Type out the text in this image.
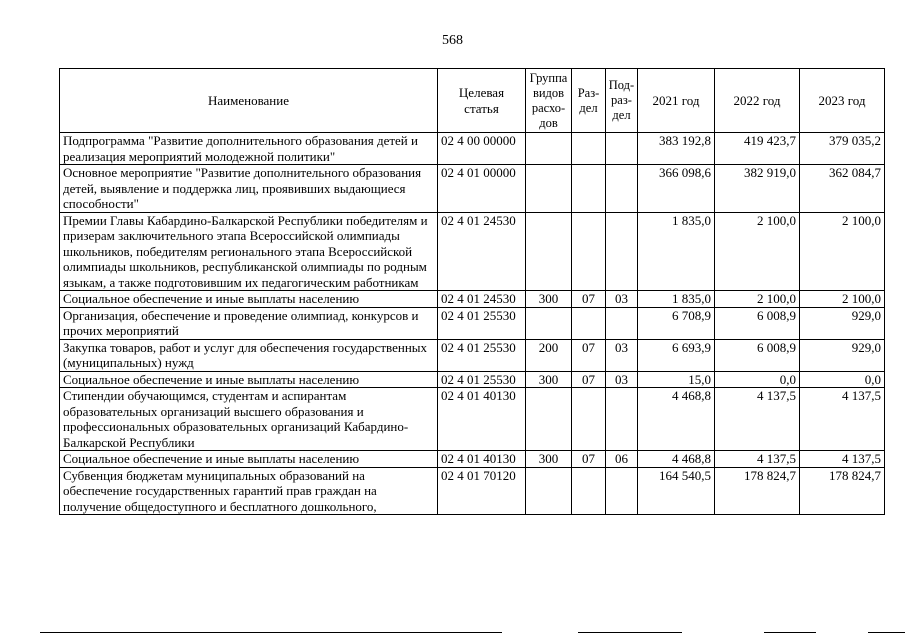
568
Наименование	Целевая статья	Группа видов расхо-дов	Раз-дел	Под-раз-дел	2021 год	2022 год	2023 год
Подпрограмма "Развитие дополнительного образования детей и реализация мероприятий молодежной политики"	02 4 00 00000				383 192,8	419 423,7	379 035,2
Основное мероприятие "Развитие дополнительного образования детей, выявление и поддержка лиц, проявивших выдающиеся способности"	02 4 01 00000				366 098,6	382 919,0	362 084,7
Премии Главы Кабардино-Балкарской Республики победителям и призерам заключительного этапа Всероссийской олимпиады школьников, победителям регионального этапа Всероссийской олимпиады школьников, республиканской олимпиады по родным языкам, а также подготовившим их педагогическим работникам	02 4 01 24530				1 835,0	2 100,0	2 100,0
Социальное обеспечение и иные выплаты населению	02 4 01 24530	300	07	03	1 835,0	2 100,0	2 100,0
Организация, обеспечение и проведение олимпиад, конкурсов и прочих мероприятий	02 4 01 25530				6 708,9	6 008,9	929,0
Закупка товаров, работ и услуг для обеспечения государственных (муниципальных) нужд	02 4 01 25530	200	07	03	6 693,9	6 008,9	929,0
Социальное обеспечение и иные выплаты населению	02 4 01 25530	300	07	03	15,0	0,0	0,0
Стипендии обучающимся, студентам и аспирантам образовательных организаций высшего образования и профессиональных образовательных организаций Кабардино-Балкарской Республики	02 4 01 40130				4 468,8	4 137,5	4 137,5
Социальное обеспечение и иные выплаты населению	02 4 01 40130	300	07	06	4 468,8	4 137,5	4 137,5
Субвенция бюджетам муниципальных образований на обеспечение государственных гарантий прав граждан на получение общедоступного и бесплатного дошкольного,	02 4 01 70120				164 540,5	178 824,7	178 824,7
